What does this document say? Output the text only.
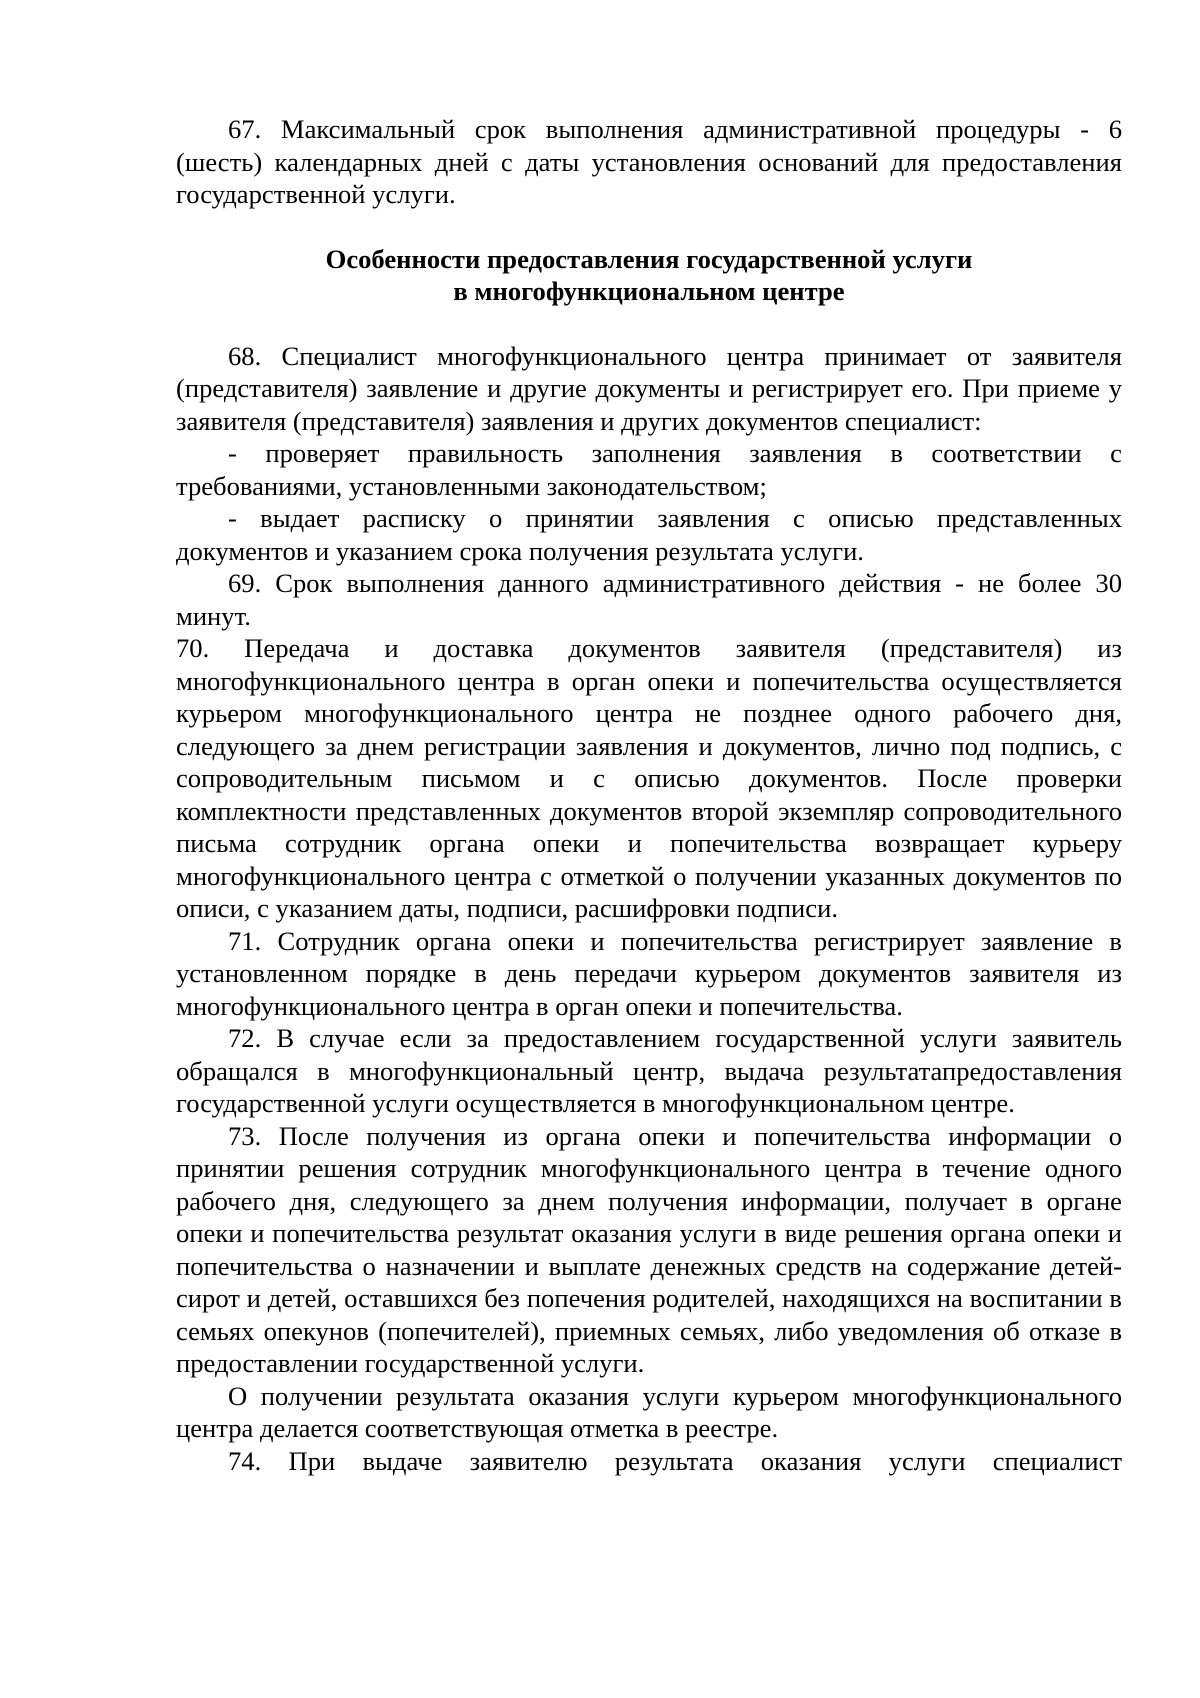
67. Максимальный срок выполнения административной процедуры - 6 (шесть) календарных дней с даты установления оснований для предоставления государственной услуги.

Особенности предоставления государственной услуги
в многофункциональном центре

68. Специалист многофункционального центра принимает от заявителя (представителя) заявление и другие документы и регистрирует его. При приеме у заявителя (представителя) заявления и других документов специалист:

- проверяет правильность заполнения заявления в соответствии с требованиями, установленными законодательством;

- выдает расписку о принятии заявления с описью представленных документов и указанием срока получения результата услуги.

69. Срок выполнения данного административного действия - не более 30 минут.

70. Передача и доставка документов заявителя (представителя) из многофункционального центра в орган опеки и попечительства осуществляется курьером многофункционального центра не позднее одного рабочего дня, следующего за днем регистрации заявления и документов, лично под подпись, с сопроводительным письмом и с описью документов. После проверки комплектности представленных документов второй экземпляр сопроводительного письма сотрудник органа опеки и попечительства возвращает курьеру многофункционального центра с отметкой о получении указанных документов по описи, с указанием даты, подписи, расшифровки подписи.

71. Сотрудник органа опеки и попечительства регистрирует заявление в установленном порядке в день передачи курьером документов заявителя из многофункционального центра в орган опеки и попечительства.

72. В случае если за предоставлением государственной услуги заявитель обращался в многофункциональный центр, выдача результатапредоставления государственной услуги осуществляется в многофункциональном центре.

73. После получения из органа опеки и попечительства информации о принятии решения сотрудник многофункционального центра в течение одного рабочего дня, следующего за днем получения информации, получает в органе опеки и попечительства результат оказания услуги в виде решения органа опеки и попечительства о назначении и выплате денежных средств на содержание детей-сирот и детей, оставшихся без попечения родителей, находящихся на воспитании в семьях опекунов (попечителей), приемных семьях, либо уведомления об отказе в предоставлении государственной услуги.

О получении результата оказания услуги курьером многофункционального центра делается соответствующая отметка в реестре.

74. При выдаче заявителю результата оказания услуги специалист
